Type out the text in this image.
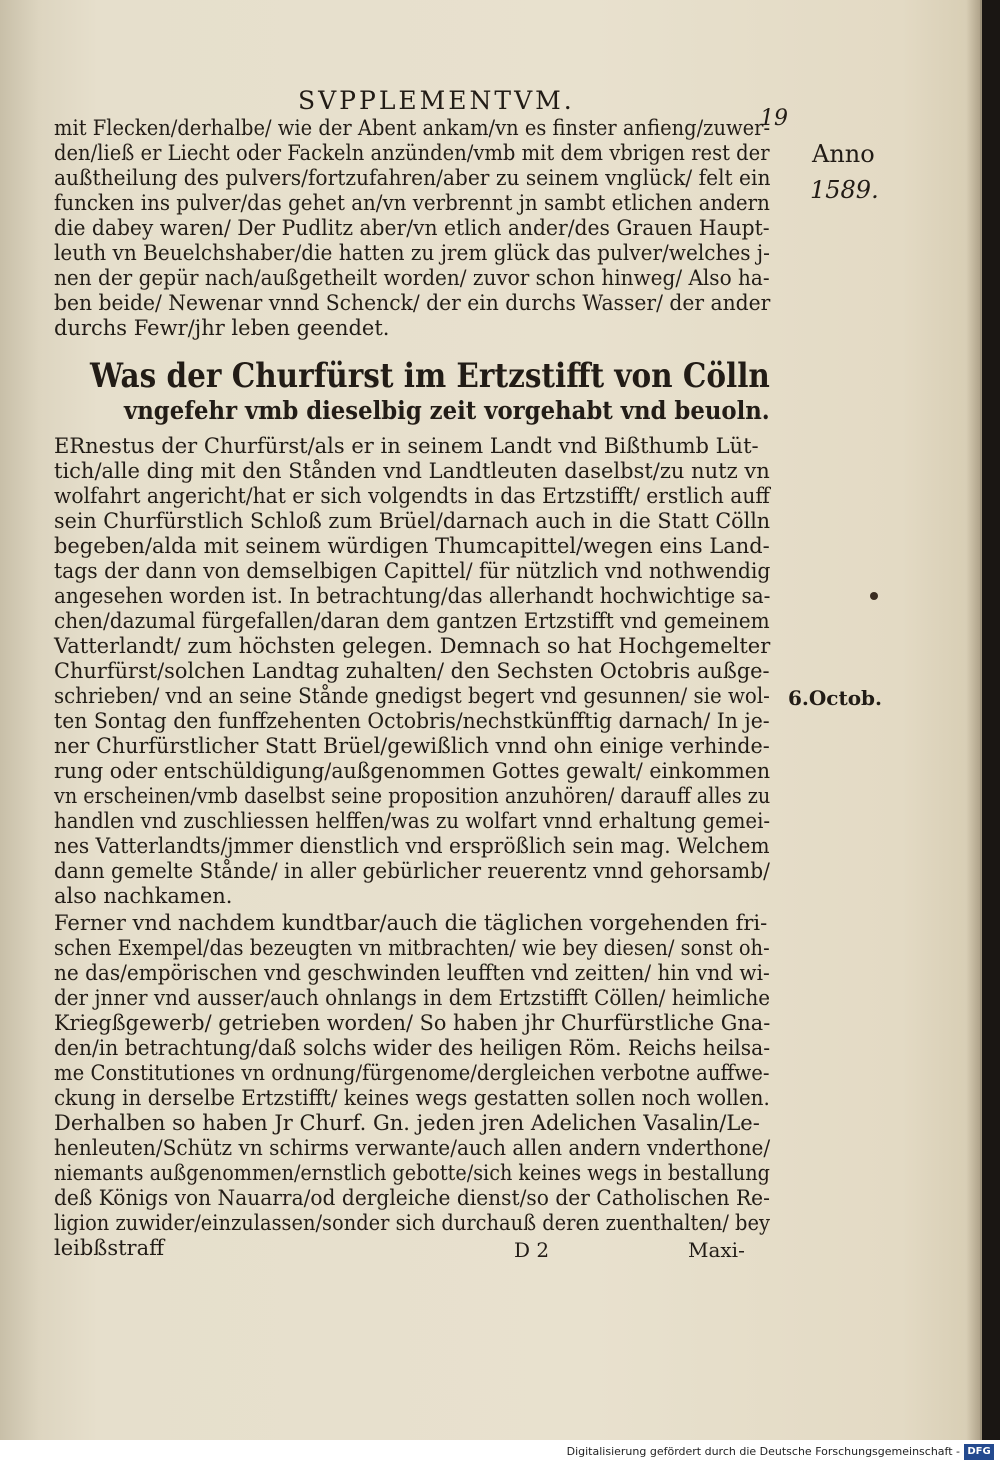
SVPPLEMENTVM.
19
Anno
1589.
mit Flecken/derhalbe/ wie der Abent ankam/vn es finster anfieng/zuwer-
den/ließ er Liecht oder Fackeln anzünden/vmb mit dem vbrigen rest der
außtheilung des pulvers/fortzufahren/aber zu seinem vnglück/ felt ein
funcken ins pulver/das gehet an/vn verbrennt jn sambt etlichen andern
die dabey waren/ Der Pudlitz aber/vn etlich ander/des Grauen Haupt-
leuth vn Beuelchshaber/die hatten zu jrem glück das pulver/welches j-
nen der gepür nach/außgetheilt worden/ zuvor schon hinweg/ Also ha-
ben beide/ Newenar vnnd Schenck/ der ein durchs Wasser/ der ander
durchs Fewr/jhr leben geendet.
Was der Churfürst im Ertzstifft von Cölln
vngefehr vmb dieselbig zeit vorgehabt vnd beuoln.
ERnestus der Churfürst/als er in seinem Landt vnd Bißthumb Lüt-
tich/alle ding mit den Stånden vnd Landtleuten daselbst/zu nutz vn
wolfahrt angericht/hat er sich volgendts in das Ertzstifft/ erstlich auff
sein Churfürstlich Schloß zum Brüel/darnach auch in die Statt Cölln
begeben/alda mit seinem würdigen Thumcapittel/wegen eins Land-
tags der dann von demselbigen Capittel/ für nützlich vnd nothwendig
angesehen worden ist. In betrachtung/das allerhandt hochwichtige sa-
chen/dazumal fürgefallen/daran dem gantzen Ertzstifft vnd gemeinem
Vatterlandt/ zum höchsten gelegen. Demnach so hat Hochgemelter
Churfürst/solchen Landtag zuhalten/ den Sechsten Octobris außge-
schrieben/ vnd an seine Stånde gnedigst begert vnd gesunnen/ sie wol-
ten Sontag den funffzehenten Octobris/nechstkünfftig darnach/ In je-
ner Churfürstlicher Statt Brüel/gewißlich vnnd ohn einige verhinde-
rung oder entschüldigung/außgenommen Gottes gewalt/ einkommen
vn erscheinen/vmb daselbst seine proposition anzuhören/ darauff alles zu
handlen vnd zuschliessen helffen/was zu wolfart vnnd erhaltung gemei-
nes Vatterlandts/jmmer dienstlich vnd ersprößlich sein mag. Welchem
dann gemelte Stånde/ in aller gebürlicher reuerentz vnnd gehorsamb/
also nachkamen.
Ferner vnd nachdem kundtbar/auch die täglichen vorgehenden fri-
schen Exempel/das bezeugten vn mitbrachten/ wie bey diesen/ sonst oh-
ne das/empörischen vnd geschwinden leufften vnd zeitten/ hin vnd wi-
der jnner vnd ausser/auch ohnlangs in dem Ertzstifft Cöllen/ heimliche
Kriegßgewerb/ getrieben worden/ So haben jhr Churfürstliche Gna-
den/in betrachtung/daß solchs wider des heiligen Röm. Reichs heilsa-
me Constitutiones vn ordnung/fürgenome/dergleichen verbotne auffwe-
ckung in derselbe Ertzstifft/ keines wegs gestatten sollen noch wollen.
Derhalben so haben Jr Churf. Gn. jeden jren Adelichen Vasalin/Le-
henleuten/Schütz vn schirms verwante/auch allen andern vnderthone/
niemants außgenommen/ernstlich gebotte/sich keines wegs in bestallung
deß Königs von Nauarra/od dergleiche dienst/so der Catholischen Re-
ligion zuwider/einzulassen/sonder sich durchauß deren zuenthalten/ bey
leibßstraff
6.Octob.
D 2	Maxi-
Digitalisierung gefördert durch die Deutsche Forschungsgemeinschaft - DFG
